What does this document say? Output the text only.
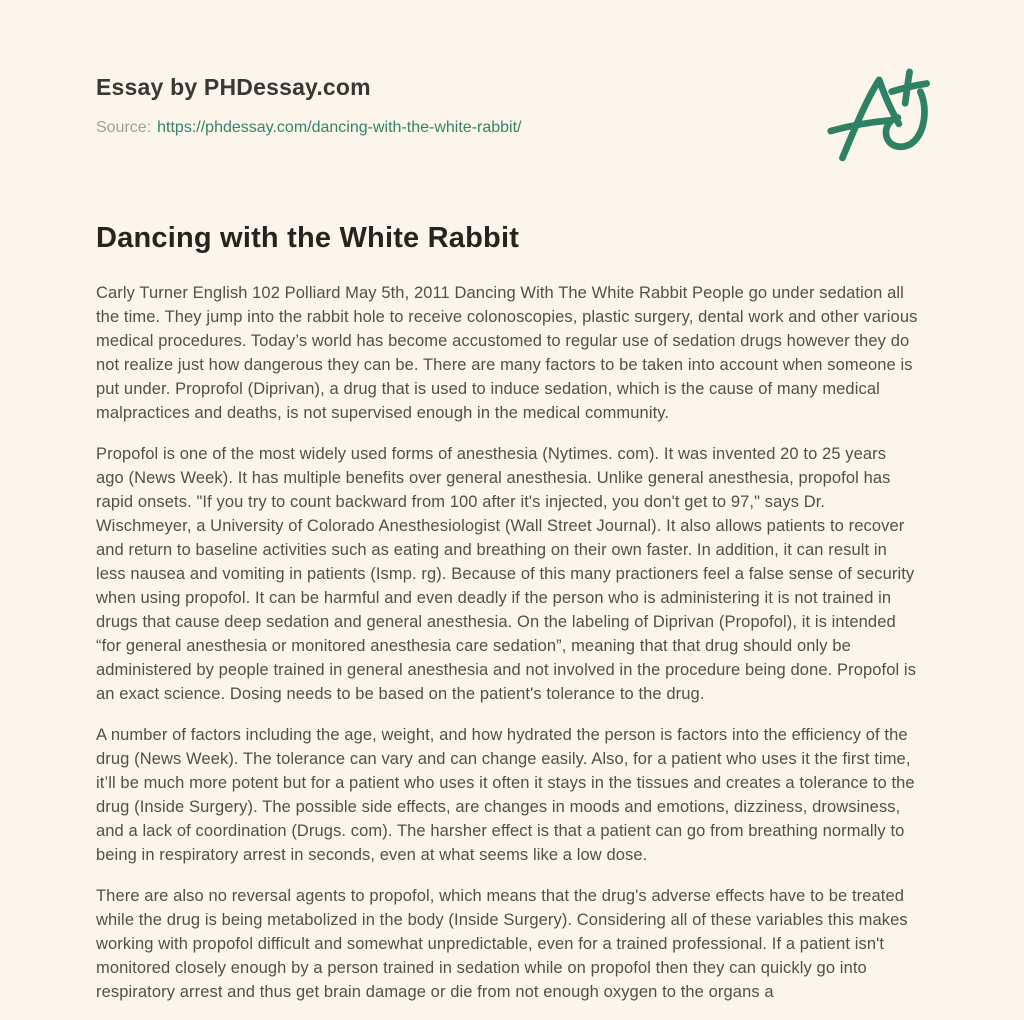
Essay by PHDessay.com
Source: https://phdessay.com/dancing-with-the-white-rabbit/
Dancing with the White Rabbit

Carly Turner English 102 Polliard May 5th, 2011 Dancing With The White Rabbit People go under sedation all the time. They jump into the rabbit hole to receive colonoscopies, plastic surgery, dental work and other various medical procedures. Today’s world has become accustomed to regular use of sedation drugs however they do not realize just how dangerous they can be. There are many factors to be taken into account when someone is put under. Proprofol (Diprivan), a drug that is used to induce sedation, which is the cause of many medical malpractices and deaths, is not supervised enough in the medical community.

Propofol is one of the most widely used forms of anesthesia (Nytimes. com). It was invented 20 to 25 years ago (News Week). It has multiple benefits over general anesthesia. Unlike general anesthesia, propofol has rapid onsets. "If you try to count backward from 100 after it's injected, you don't get to 97," says Dr. Wischmeyer, a University of Colorado Anesthesiologist (Wall Street Journal). It also allows patients to recover and return to baseline activities such as eating and breathing on their own faster. In addition, it can result in less nausea and vomiting in patients (Ismp. rg). Because of this many practioners feel a false sense of security when using propofol. It can be harmful and even deadly if the person who is administering it is not trained in drugs that cause deep sedation and general anesthesia. On the labeling of Diprivan (Propofol), it is intended “for general anesthesia or monitored anesthesia care sedation”, meaning that that drug should only be administered by people trained in general anesthesia and not involved in the procedure being done. Propofol is an exact science. Dosing needs to be based on the patient's tolerance to the drug.

A number of factors including the age, weight, and how hydrated the person is factors into the efficiency of the drug (News Week). The tolerance can vary and can change easily. Also, for a patient who uses it the first time, it’ll be much more potent but for a patient who uses it often it stays in the tissues and creates a tolerance to the drug (Inside Surgery). The possible side effects, are changes in moods and emotions, dizziness, drowsiness, and a lack of coordination (Drugs. com). The harsher effect is that a patient can go from breathing normally to being in respiratory arrest in seconds, even at what seems like a low dose.

There are also no reversal agents to propofol, which means that the drug's adverse effects have to be treated while the drug is being metabolized in the body (Inside Surgery). Considering all of these variables this makes working with propofol difficult and somewhat unpredictable, even for a trained professional. If a patient isn't monitored closely enough by a person trained in sedation while on propofol then they can quickly go into respiratory arrest and thus get brain damage or die from not enough oxygen to the organs a
